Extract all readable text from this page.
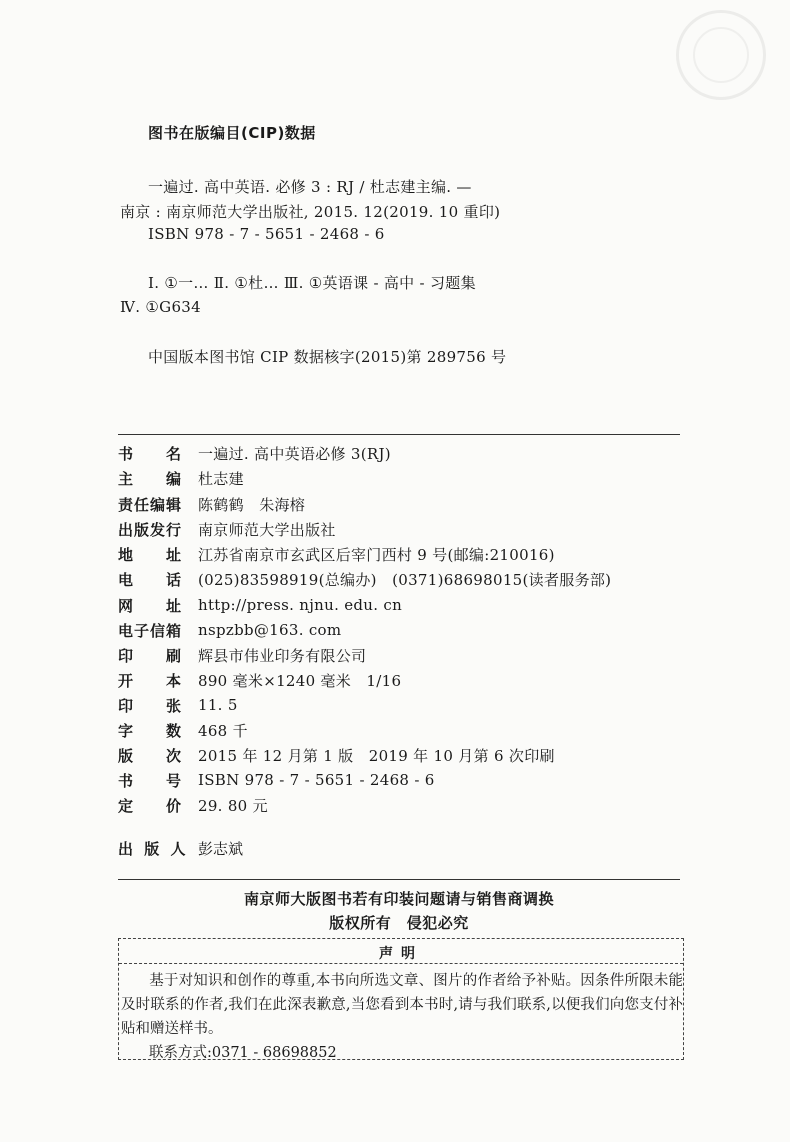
图书在版编目(CIP)数据
一遍过. 高中英语. 必修 3 : RJ / 杜志建主编. —
南京 : 南京师范大学出版社, 2015. 12(2019. 10 重印)
ISBN 978 - 7 - 5651 - 2468 - 6
Ⅰ. ①一… Ⅱ. ①杜… Ⅲ. ①英语课 - 高中 - 习题集
Ⅳ. ①G634
中国版本图书馆 CIP 数据核字(2015)第 289756 号
书 名 一遍过. 高中英语必修 3(RJ)
主 编 杜志建
责任编辑	陈鹤鹤　朱海榕
出版发行	南京师范大学出版社
地 址 江苏省南京市玄武区后宰门西村 9 号(邮编:210016)
电 话 (025)83598919(总编办)　(0371)68698015(读者服务部)
网 址 http://press. njnu. edu. cn
电子信箱	nspzbb@163. com
印 刷 辉县市伟业印务有限公司
开 本 890 毫米×1240 毫米　1/16
印 张 11. 5
字 数 468 千
版 次 2015 年 12 月第 1 版　2019 年 10 月第 6 次印刷
书 号 ISBN 978 - 7 - 5651 - 2468 - 6
定 价 29. 80 元
出 版 人 彭志斌
南京师大版图书若有印装问题请与销售商调换
版权所有　侵犯必究
声明
基于对知识和创作的尊重,本书向所选文章、图片的作者给予补贴。因条件所限未能及时联系的作者,我们在此深表歉意,当您看到本书时,请与我们联系,以便我们向您支付补贴和赠送样书。
联系方式:0371 - 68698852
